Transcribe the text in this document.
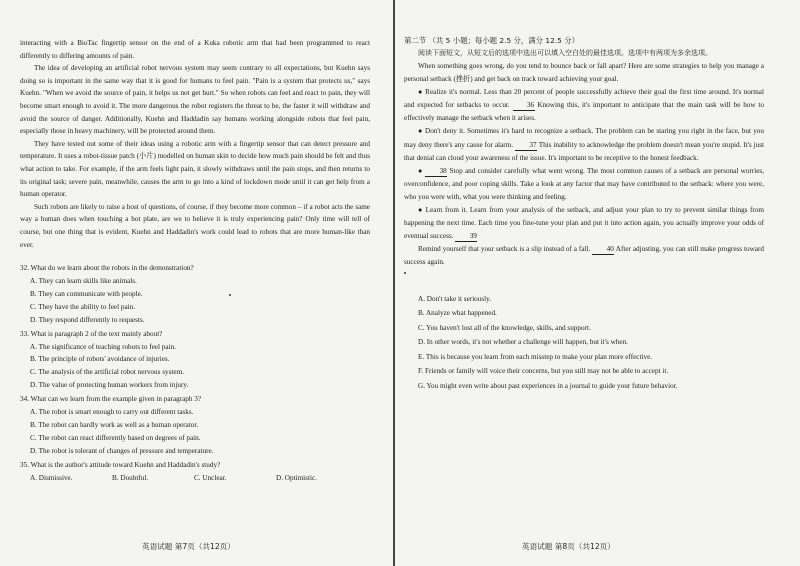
interacting with a BioTac fingertip sensor on the end of a Kuka robotic arm that had been programmed to react differently to differing amounts of pain.

The idea of developing an artificial robot nervous system may seem contrary to all expectations, but Kuehn says doing so is important in the same way that it is good for humans to feel pain. "Pain is a system that protects us," says Kuehn. "When we avoid the source of pain, it helps us not get hurt." So when robots can feel and react to pain, they will become smart enough to avoid it. The more dangerous the robot registers the threat to be, the faster it will withdraw and avoid the source of danger. Additionally, Kuehn and Haddadin say humans working alongside robots that feel pain, especially those in heavy machinery, will be protected around them.

They have tested out some of their ideas using a robotic arm with a fingertip sensor that can detect pressure and temperature. It uses a robot-tissue patch (小片) modelled on human skin to decide how much pain should be felt and thus what action to take. For example, if the arm feels light pain, it slowly withdraws until the pain stops, and then returns to its original task; severe pain, meanwhile, causes the arm to go into a kind of lockdown mode until it can get help from a human operator.

Such robots are likely to raise a host of questions, of course, if they become more common – if a robot acts the same way a human does when touching a hot plate, are we to believe it is truly experiencing pain? Only time will tell of course, but one thing that is evident, Kuehn and Haddadin's work could lead to robots that are more human-like than ever.

32. What do we learn about the robots in the demonstration?
A. They can learn skills like animals.
B. They can communicate with people.
C. They have the ability to feel pain.
D. They respond differently to requests.
33. What is paragraph 2 of the text mainly about?
A. The significance of teaching robots to feel pain.
B. The principle of robots' avoidance of injuries.
C. The analysis of the artificial robot nervous system.
D. The value of protecting human workers from injury.
34. What can we learn from the example given in paragraph 3?
A. The robot is smart enough to carry out different tasks.
B. The robot can hardly work as well as a human operator.
C. The robot can react differently based on degrees of pain.
D. The robot is tolerant of changes of pressure and temperature.
35. What is the author's attitude toward Kuehn and Haddadin's study?
A. Dismissive.	B. Doubtful.	C. Unclear.	D. Optimistic.
第二节 （共 5 小题；每小题 2.5 分，满分 12.5 分）
阅读下面短文，从短文后的选项中选出可以填入空白处的最佳选项。选项中有两项为多余选项。

When something goes wrong, do you tend to bounce back or fall apart? Here are some strategies to help you manage a personal setback (挫折) and get back on track toward achieving your goal.

● Realize it's normal. Less than 20 percent of people successfully achieve their goal the first time around. It's normal and expected for setbacks to occur. 36 Knowing this, it's important to anticipate that the main task will be how to effectively manage the setback when it arises.

● Don't deny it. Sometimes it's hard to recognize a setback. The problem can be staring you right in the face, but you may deny there's any cause for alarm. 37 This inability to acknowledge the problem doesn't mean you're stupid. It's just that denial can cloud your awareness of the issue. It's important to be receptive to the honest feedback.

● 38 Stop and consider carefully what went wrong. The most common causes of a setback are personal worries, overconfidence, and poor coping skills. Take a look at any factor that may have contributed to the setback: where you were, who you were with, what you were thinking and feeling.

● Learn from it. Learn from your analysis of the setback, and adjust your plan to try to prevent similar things from happening the next time. Each time you fine-tune your plan and put it into action again, you actually improve your odds of eventual success. 39

Remind yourself that your setback is a slip instead of a fall. 40 After adjusting, you can still make progress toward success again.

A. Don't take it seriously.
B. Analyze what happened.
C. You haven't lost all of the knowledge, skills, and support.
D. In other words, it's not whether a challenge will happen, but it's when.
E. This is because you learn from each misstep to make your plan more effective.
F. Friends or family will voice their concerns, but you still may not be able to accept it.
G. You might even write about past experiences in a journal to guide your future behavior.
英语试题 第7页（共12页）	英语试题 第8页（共12页）
